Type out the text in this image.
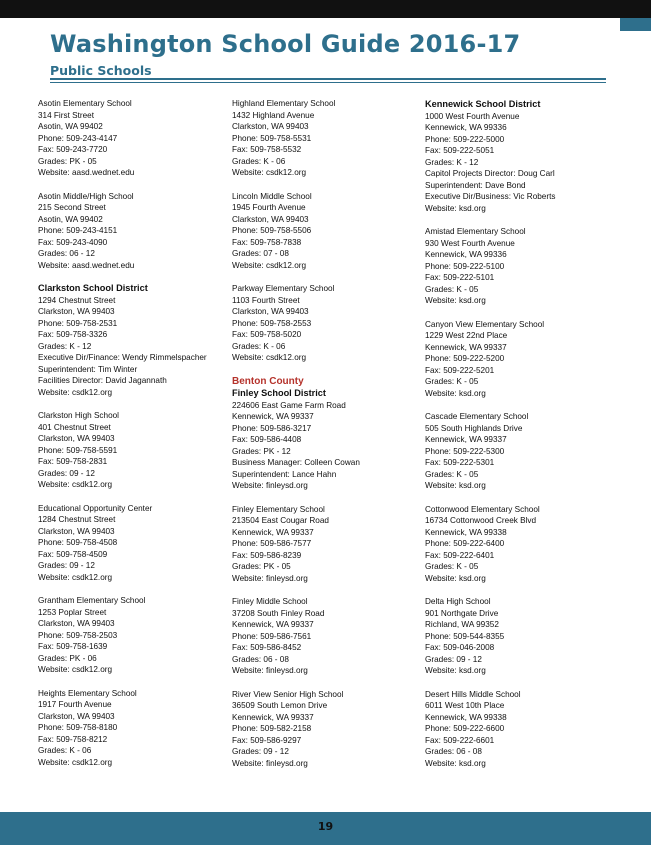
Washington School Guide 2016-17
Public Schools
Asotin Elementary School
314 First Street
Asotin, WA 99402
Phone: 509-243-4147
Fax: 509-243-7720
Grades: PK - 05
Website: aasd.wednet.edu
Asotin Middle/High School
215 Second Street
Asotin, WA 99402
Phone: 509-243-4151
Fax: 509-243-4090
Grades: 06 - 12
Website: aasd.wednet.edu
Clarkston School District
1294 Chestnut Street
Clarkston, WA 99403
Phone: 509-758-2531
Fax: 509-758-3326
Grades: K - 12
Executive Dir/Finance: Wendy Rimmelspacher
Superintendent: Tim Winter
Facilities Director: David Jagannath
Website: csdk12.org
Clarkston High School
401 Chestnut Street
Clarkston, WA 99403
Phone: 509-758-5591
Fax: 509-758-2831
Grades: 09 - 12
Website: csdk12.org
Educational Opportunity Center
1284 Chestnut Street
Clarkston, WA 99403
Phone: 509-758-4508
Fax: 509-758-4509
Grades: 09 - 12
Website: csdk12.org
Grantham Elementary School
1253 Poplar Street
Clarkston, WA 99403
Phone: 509-758-2503
Fax: 509-758-1639
Grades: PK - 06
Website: csdk12.org
Heights Elementary School
1917 Fourth Avenue
Clarkston, WA 99403
Phone: 509-758-8180
Fax: 509-758-8212
Grades: K - 06
Website: csdk12.org
Highland Elementary School
1432 Highland Avenue
Clarkston, WA 99403
Phone: 509-758-5531
Fax: 509-758-5532
Grades: K - 06
Website: csdk12.org
Lincoln Middle School
1945 Fourth Avenue
Clarkston, WA 99403
Phone: 509-758-5506
Fax: 509-758-7838
Grades: 07 - 08
Website: csdk12.org
Parkway Elementary School
1103 Fourth Street
Clarkston, WA 99403
Phone: 509-758-2553
Fax: 509-758-5020
Grades: K - 06
Website: csdk12.org
Benton County
Finley School District
224606 East Game Farm Road
Kennewick, WA 99337
Phone: 509-586-3217
Fax: 509-586-4408
Grades: PK - 12
Business Manager: Colleen Cowan
Superintendent: Lance Hahn
Website: finleysd.org
Finley Elementary School
213504 East Cougar Road
Kennewick, WA 99337
Phone: 509-586-7577
Fax: 509-586-8239
Grades: PK - 05
Website: finleysd.org
Finley Middle School
37208 South Finley Road
Kennewick, WA 99337
Phone: 509-586-7561
Fax: 509-586-8452
Grades: 06 - 08
Website: finleysd.org
River View Senior High School
36509 South Lemon Drive
Kennewick, WA 99337
Phone: 509-582-2158
Fax: 509-586-9297
Grades: 09 - 12
Website: finleysd.org
Kennewick School District
1000 West Fourth Avenue
Kennewick, WA 99336
Phone: 509-222-5000
Fax: 509-222-5051
Grades: K - 12
Capitol Projects Director: Doug Carl
Superintendent: Dave Bond
Executive Dir/Business: Vic Roberts
Website: ksd.org
Amistad Elementary School
930 West Fourth Avenue
Kennewick, WA 99336
Phone: 509-222-5100
Fax: 509-222-5101
Grades: K - 05
Website: ksd.org
Canyon View Elementary School
1229 West 22nd Place
Kennewick, WA 99337
Phone: 509-222-5200
Fax: 509-222-5201
Grades: K - 05
Website: ksd.org
Cascade Elementary School
505 South Highlands Drive
Kennewick, WA 99337
Phone: 509-222-5300
Fax: 509-222-5301
Grades: K - 05
Website: ksd.org
Cottonwood Elementary School
16734 Cottonwood Creek Blvd
Kennewick, WA 99338
Phone: 509-222-6400
Fax: 509-222-6401
Grades: K - 05
Website: ksd.org
Delta High School
901 Northgate Drive
Richland, WA 99352
Phone: 509-544-8355
Fax: 509-046-2008
Grades: 09 - 12
Website: ksd.org
Desert Hills Middle School
6011 West 10th Place
Kennewick, WA 99338
Phone: 509-222-6600
Fax: 509-222-6601
Grades: 06 - 08
Website: ksd.org
19
